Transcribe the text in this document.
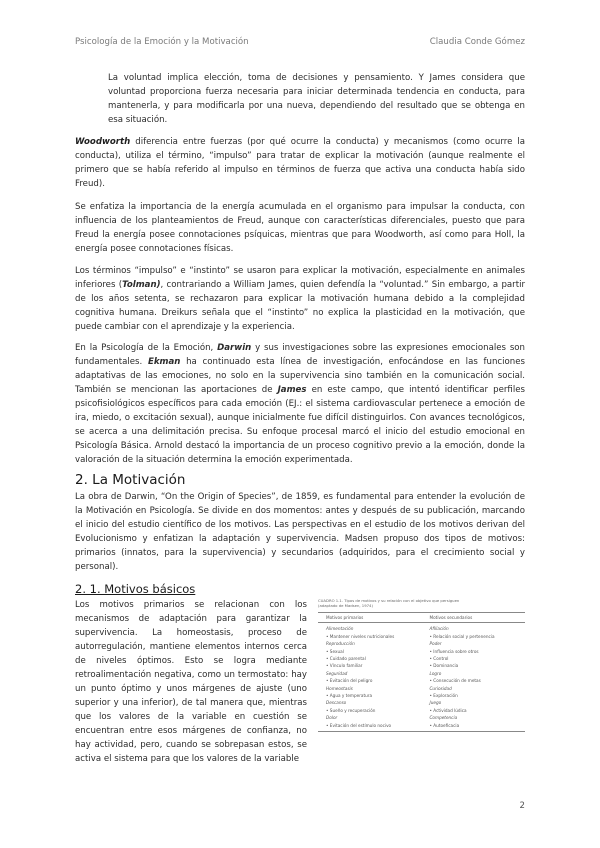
Psicología de la Emoción y la Motivación	Claudia Conde Gómez

La voluntad implica elección, toma de decisiones y pensamiento. Y James considera que voluntad proporciona fuerza necesaria para iniciar determinada tendencia en conducta, para mantenerla, y para modificarla por una nueva, dependiendo del resultado que se obtenga en esa situación.

Woodworth diferencia entre fuerzas (por qué ocurre la conducta) y mecanismos (como ocurre la conducta), utiliza el término, “impulso” para tratar de explicar la motivación (aunque realmente el primero que se había referido al impulso en términos de fuerza que activa una conducta había sido Freud).

Se enfatiza la importancia de la energía acumulada en el organismo para impulsar la conducta, con influencia de los planteamientos de Freud, aunque con características diferenciales, puesto que para Freud la energía posee connotaciones psíquicas, mientras que para Woodworth, así como para Holl, la energía posee connotaciones físicas.

Los términos “impulso” e “instinto” se usaron para explicar la motivación, especialmente en animales inferiores (Tolman), contrariando a William James, quien defendía la “voluntad.” Sin embargo, a partir de los años setenta, se rechazaron para explicar la motivación humana debido a la complejidad cognitiva humana. Dreikurs señala que el “instinto” no explica la plasticidad en la motivación, que puede cambiar con el aprendizaje y la experiencia.

En la Psicología de la Emoción, Darwin y sus investigaciones sobre las expresiones emocionales son fundamentales. Ekman ha continuado esta línea de investigación, enfocándose en las funciones adaptativas de las emociones, no solo en la supervivencia sino también en la comunicación social. También se mencionan las aportaciones de James en este campo, que intentó identificar perfiles psicofisiológicos específicos para cada emoción (EJ.: el sistema cardiovascular pertenece a emoción de ira, miedo, o excitación sexual), aunque inicialmente fue difícil distinguirlos. Con avances tecnológicos, se acerca a una delimitación precisa. Su enfoque procesal marcó el inicio del estudio emocional en Psicología Básica. Arnold destacó la importancia de un proceso cognitivo previo a la emoción, donde la valoración de la situación determina la emoción experimentada.

2. La Motivación

La obra de Darwin, “On the Origin of Species”, de 1859, es fundamental para entender la evolución de la Motivación en Psicología. Se divide en dos momentos: antes y después de su publicación, marcando el inicio del estudio científico de los motivos. Las perspectivas en el estudio de los motivos derivan del Evolucionismo y enfatizan la adaptación y supervivencia. Madsen propuso dos tipos de motivos: primarios (innatos, para la supervivencia) y secundarios (adquiridos, para el crecimiento social y personal).

2. 1. Motivos básicos

Los motivos primarios se relacionan con los mecanismos de adaptación para garantizar la supervivencia. La homeostasis, proceso de autorregulación, mantiene elementos internos cerca de niveles óptimos. Esto se logra mediante retroalimentación negativa, como un termostato: hay un punto óptimo y unos márgenes de ajuste (uno superior y una inferior), de tal manera que, mientras que los valores de la variable en cuestión se encuentran entre esos márgenes de confianza, no hay actividad, pero, cuando se sobrepasan estos, se activa el sistema para que los valores de la variable

CUADRO 1.1. Tipos de motivos y su relación con el objetivo que persiguen
(adaptado de Madsen, 1974)
Motivos primarios	Motivos secundarios
Alimentación	Afiliación
• Mantener niveles nutricionales	• Relación social y pertenencia
Reproducción	Poder
• Sexual	• Influencia sobre otros
• Cuidado parental	• Control
• Vínculo familiar	• Dominancia
Seguridad	Logro
• Evitación del peligro	• Consecución de metas
Homeostasis	Curiosidad
• Agua y temperatura	• Exploración
Descanso	Juego
• Sueño y recuperación	• Actividad lúdica
Dolor	Competencia
• Evitación del estímulo nocivo	• Autoeficacia
2
